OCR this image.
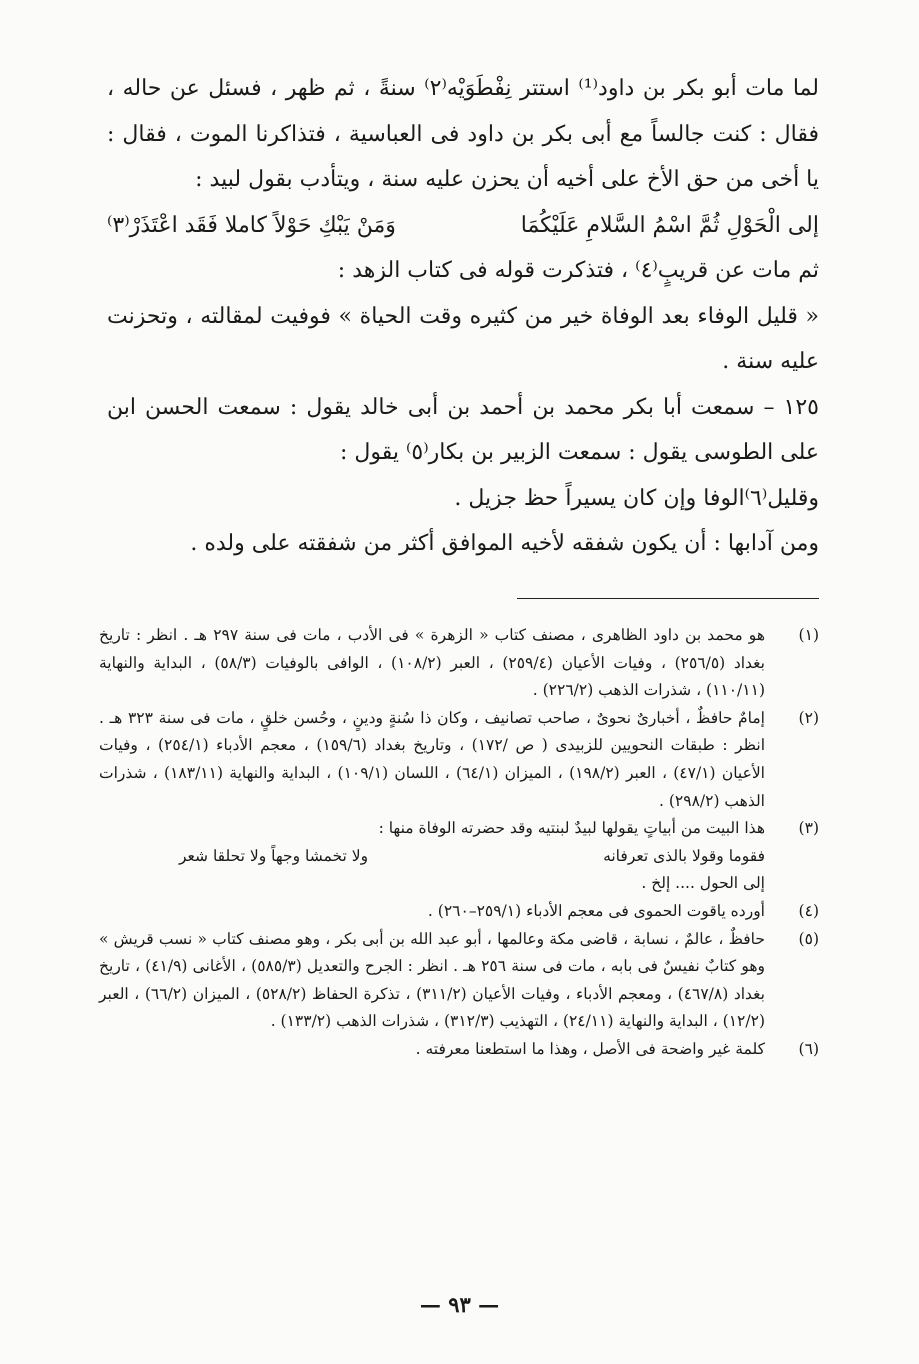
لما مات أبو بكر بن داود⁽¹⁾ استتر نِفْطَوَيْه⁽٢⁾ سنةً ، ثم ظهر ، فسئل عن حاله ، فقال : كنت جالساً مع أبى بكر بن داود فى العباسية ، فتذاكرنا الموت ، فقال : يا أخى من حق الأخ على أخيه أن يحزن عليه سنة ، ويتأدب بقول لبيد :

إلى الْحَوْلِ ثُمَّ اسْمُ السَّلامِ عَلَيْكُمَا
وَمَنْ يَبْكِ حَوْلاً كاملا فَقَد اعْتَذَرْ⁽٣⁾

ثم مات عن قريبٍ⁽٤⁾ ، فتذكرت قوله فى كتاب الزهد :

« قليل الوفاء بعد الوفاة خير من كثيره وقت الحياة » فوفيت لمقالته ، وتحزنت عليه سنة .

١٢٥ – سمعت أبا بكر محمد بن أحمد بن أبى خالد يقول : سمعت الحسن ابن على الطوسى يقول : سمعت الزبير بن بكار⁽٥⁾ يقول :

وقليل⁽٦⁾الوفا وإن كان يسيراً حظ جزيل .

ومن آدابها : أن يكون شفقه لأخيه الموافق أكثر من شفقته على ولده .

(١)
هو محمد بن داود الظاهرى ، مصنف كتاب « الزهرة » فى الأدب ، مات فى سنة ٢٩٧ هـ . انظر : تاريخ بغداد (٢٥٦/٥) ، وفيات الأعيان (٢٥٩/٤) ، العبر (١٠٨/٢) ، الوافى بالوفيات (٥٨/٣) ، البداية والنهاية (١١٠/١١) ، شذرات الذهب (٢٢٦/٢) .
(٢)
إمامٌ حافظٌ ، أخبارىٌ نحوىٌ ، صاحب تصانيف ، وكان ذا سُنةٍ ودينٍ ، وحُسن خلقٍ ، مات فى سنة ٣٢٣ هـ . انظر : طبقات النحويين للزبيدى ( ص /١٧٢) ، وتاريخ بغداد (١٥٩/٦) ، معجم الأدباء (٢٥٤/١) ، وفيات الأعيان (٤٧/١) ، العبر (١٩٨/٢) ، الميزان (٦٤/١) ، اللسان (١٠٩/١) ، البداية والنهاية (١٨٣/١١) ، شذرات الذهب (٢٩٨/٢) .
(٣)
هذا البيت من أبياتٍ يقولها لبيدٌ لبنتيه وقد حضرته الوفاة منها :
فقوما وقولا بالذى تعرفانه
ولا تخمشا وجهاً ولا تحلقا شعر
إلى الحول .... إلخ .
(٤)
أورده ياقوت الحموى فى معجم الأدباء (٢٥٩/١–٢٦٠) .
(٥)
حافظٌ ، عالمٌ ، نسابة ، قاضى مكة وعالمها ، أبو عبد الله بن أبى بكر ، وهو مصنف كتاب « نسب قريش » وهو كتابٌ نفيسٌ فى بابه ، مات فى سنة ٢٥٦ هـ . انظر : الجرح والتعديل (٥٨٥/٣) ، الأغانى (٤١/٩) ، تاريخ بغداد (٤٦٧/٨) ، ومعجم الأدباء ، وفيات الأعيان (٣١١/٢) ، تذكرة الحفاظ (٥٢٨/٢) ، الميزان (٦٦/٢) ، العبر (١٢/٢) ، البداية والنهاية (٢٤/١١) ، التهذيب (٣١٢/٣) ، شذرات الذهب (١٣٣/٢) .
(٦)
كلمة غير واضحة فى الأصل ، وهذا ما استطعنا معرفته .
— ٩٣ —
